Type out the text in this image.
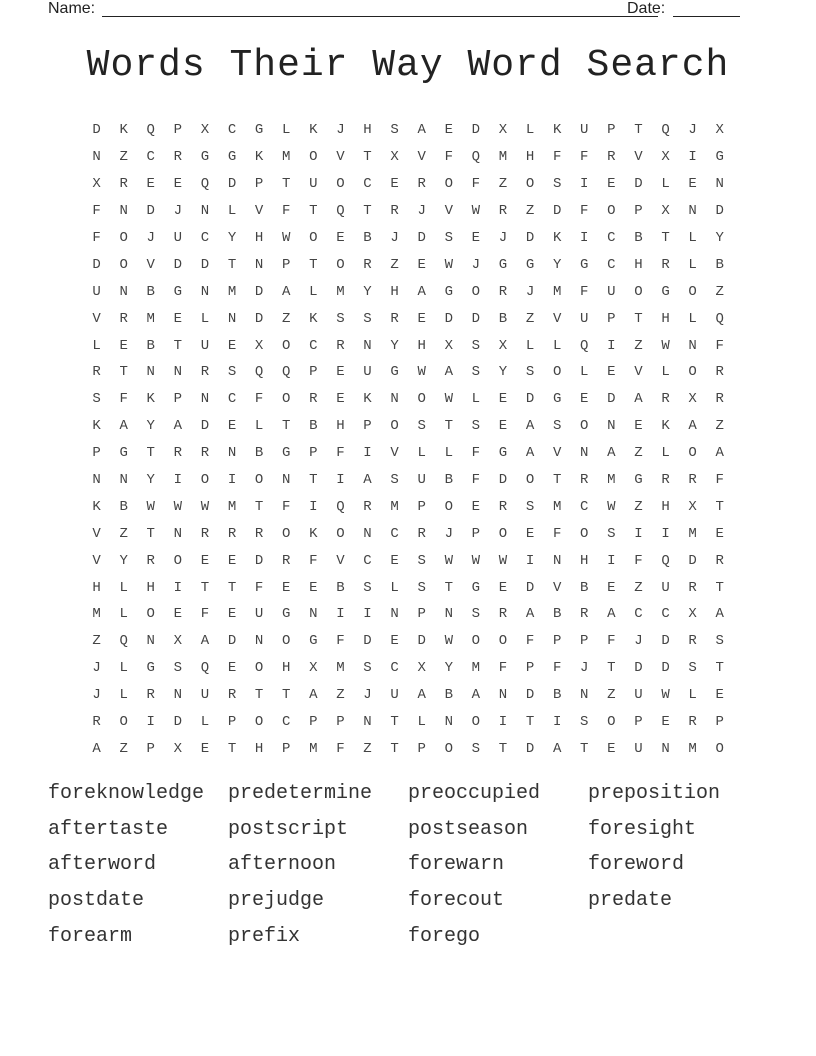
Name:	Date:
Words Their Way Word Search
D	K	Q	P	X	C	G	L	K	J	H	S	A	E	D	X	L	K	U	P	T	Q	J	X
N	Z	C	R	G	G	K	M	O	V	T	X	V	F	Q	M	H	F	F	R	V	X	I	G
X	R	E	E	Q	D	P	T	U	O	C	E	R	O	F	Z	O	S	I	E	D	L	E	N
F	N	D	J	N	L	V	F	T	Q	T	R	J	V	W	R	Z	D	F	O	P	X	N	D
F	O	J	U	C	Y	H	W	O	E	B	J	D	S	E	J	D	K	I	C	B	T	L	Y
D	O	V	D	D	T	N	P	T	O	R	Z	E	W	J	G	G	Y	G	C	H	R	L	B
U	N	B	G	N	M	D	A	L	M	Y	H	A	G	O	R	J	M	F	U	O	G	O	Z
V	R	M	E	L	N	D	Z	K	S	S	R	E	D	D	B	Z	V	U	P	T	H	L	Q
L	E	B	T	U	E	X	O	C	R	N	Y	H	X	S	X	L	L	Q	I	Z	W	N	F
R	T	N	N	R	S	Q	Q	P	E	U	G	W	A	S	Y	S	O	L	E	V	L	O	R
S	F	K	P	N	C	F	O	R	E	K	N	O	W	L	E	D	G	E	D	A	R	X	R
K	A	Y	A	D	E	L	T	B	H	P	O	S	T	S	E	A	S	O	N	E	K	A	Z
P	G	T	R	R	N	B	G	P	F	I	V	L	L	F	G	A	V	N	A	Z	L	O	A
N	N	Y	I	O	I	O	N	T	I	A	S	U	B	F	D	O	T	R	M	G	R	R	F
K	B	W	W	W	M	T	F	I	Q	R	M	P	O	E	R	S	M	C	W	Z	H	X	T
V	Z	T	N	R	R	R	O	K	O	N	C	R	J	P	O	E	F	O	S	I	I	M	E
V	Y	R	O	E	E	D	R	F	V	C	E	S	W	W	W	I	N	H	I	F	Q	D	R
H	L	H	I	T	T	F	E	E	B	S	L	S	T	G	E	D	V	B	E	Z	U	R	T
M	L	O	E	F	E	U	G	N	I	I	N	P	N	S	R	A	B	R	A	C	C	X	A
Z	Q	N	X	A	D	N	O	G	F	D	E	D	W	O	O	F	P	P	F	J	D	R	S
J	L	G	S	Q	E	O	H	X	M	S	C	X	Y	M	F	P	F	J	T	D	D	S	T
J	L	R	N	U	R	T	T	A	Z	J	U	A	B	A	N	D	B	N	Z	U	W	L	E
R	O	I	D	L	P	O	C	P	P	N	T	L	N	O	I	T	I	S	O	P	E	R	P
A	Z	P	X	E	T	H	P	M	F	Z	T	P	O	S	T	D	A	T	E	U	N	M	O
foreknowledge	predetermine	preoccupied	preposition
aftertaste	postscript	postseason	foresight
afterword	afternoon	forewarn	foreword
postdate	prejudge	forecout	predate
forearm	prefix	forego
